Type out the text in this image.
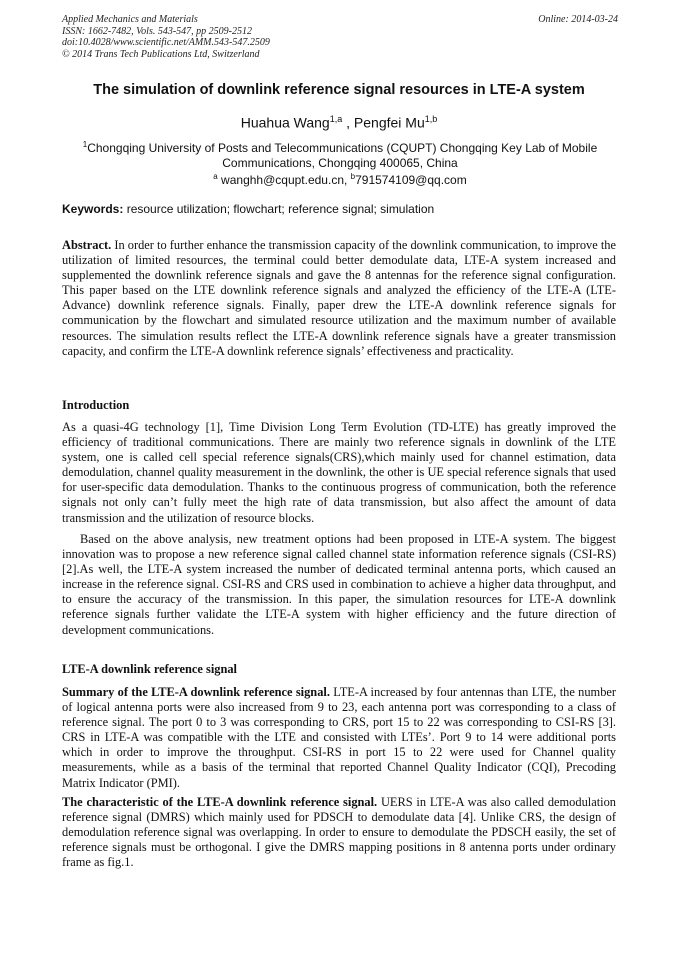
Applied Mechanics and Materials
ISSN: 1662-7482, Vols. 543-547, pp 2509-2512
doi:10.4028/www.scientific.net/AMM.543-547.2509
© 2014 Trans Tech Publications Ltd, Switzerland
Online: 2014-03-24
The simulation of downlink reference signal resources in LTE-A system
Huahua Wang$^{1,a}$ , Pengfei Mu$^{1,b}$
$^1$Chongqing University of Posts and Telecommunications (CQUPT) Chongqing Key Lab of Mobile
Communications, Chongqing 400065, China
$^a$ wanghh@cqupt.edu.cn, $^b$791574109@qq.com
Keywords: resource utilization; flowchart; reference signal; simulation
Abstract. In order to further enhance the transmission capacity of the downlink communication, to improve the utilization of limited resources, the terminal could better demodulate data, LTE-A system increased and supplemented the downlink reference signals and gave the 8 antennas for the reference signal configuration. This paper based on the LTE downlink reference signals and analyzed the efficiency of the LTE-A (LTE-Advance) downlink reference signals. Finally, paper drew the LTE-A downlink reference signals for communication by the flowchart and simulated resource utilization and the maximum number of available resources. The simulation results reflect the LTE-A downlink reference signals have a greater transmission capacity, and confirm the LTE-A downlink reference signals’ effectiveness and practicality.
Introduction
As a quasi-4G technology [1], Time Division Long Term Evolution (TD-LTE) has greatly improved the efficiency of traditional communications. There are mainly two reference signals in downlink of the LTE system, one is called cell special reference signals(CRS),which mainly used for channel estimation, data demodulation, channel quality measurement in the downlink, the other is UE special reference signals that used for user-specific data demodulation. Thanks to the continuous progress of communication, both the reference signals not only can’t fully meet the high rate of data transmission, but also affect the amount of data transmission and the utilization of resource blocks.
Based on the above analysis, new treatment options had been proposed in LTE-A system. The biggest innovation was to propose a new reference signal called channel state information reference signals (CSI-RS) [2].As well, the LTE-A system increased the number of dedicated terminal antenna ports, which caused an increase in the reference signal. CSI-RS and CRS used in combination to achieve a higher data throughput, and to ensure the accuracy of the transmission. In this paper, the simulation resources for LTE-A downlink reference signals further validate the LTE-A system with higher efficiency and the future direction of development communications.
LTE-A downlink reference signal
Summary of the LTE-A downlink reference signal. LTE-A increased by four antennas than LTE, the number of logical antenna ports were also increased from 9 to 23, each antenna port was corresponding to a class of reference signal. The port 0 to 3 was corresponding to CRS, port 15 to 22 was corresponding to CSI-RS [3]. CRS in LTE-A was compatible with the LTE and consisted with LTEs’. Port 9 to 14 were additional ports which in order to improve the throughput. CSI-RS in port 15 to 22 were used for Channel quality measurements, while as a basis of the terminal that reported Channel Quality Indicator (CQI), Precoding Matrix Indicator (PMI).
The characteristic of the LTE-A downlink reference signal. UERS in LTE-A was also called demodulation reference signal (DMRS) which mainly used for PDSCH to demodulate data [4]. Unlike CRS, the design of demodulation reference signal was overlapping. In order to ensure to demodulate the PDSCH easily, the set of reference signals must be orthogonal. I give the DMRS mapping positions in 8 antenna ports under ordinary frame as fig.1.
